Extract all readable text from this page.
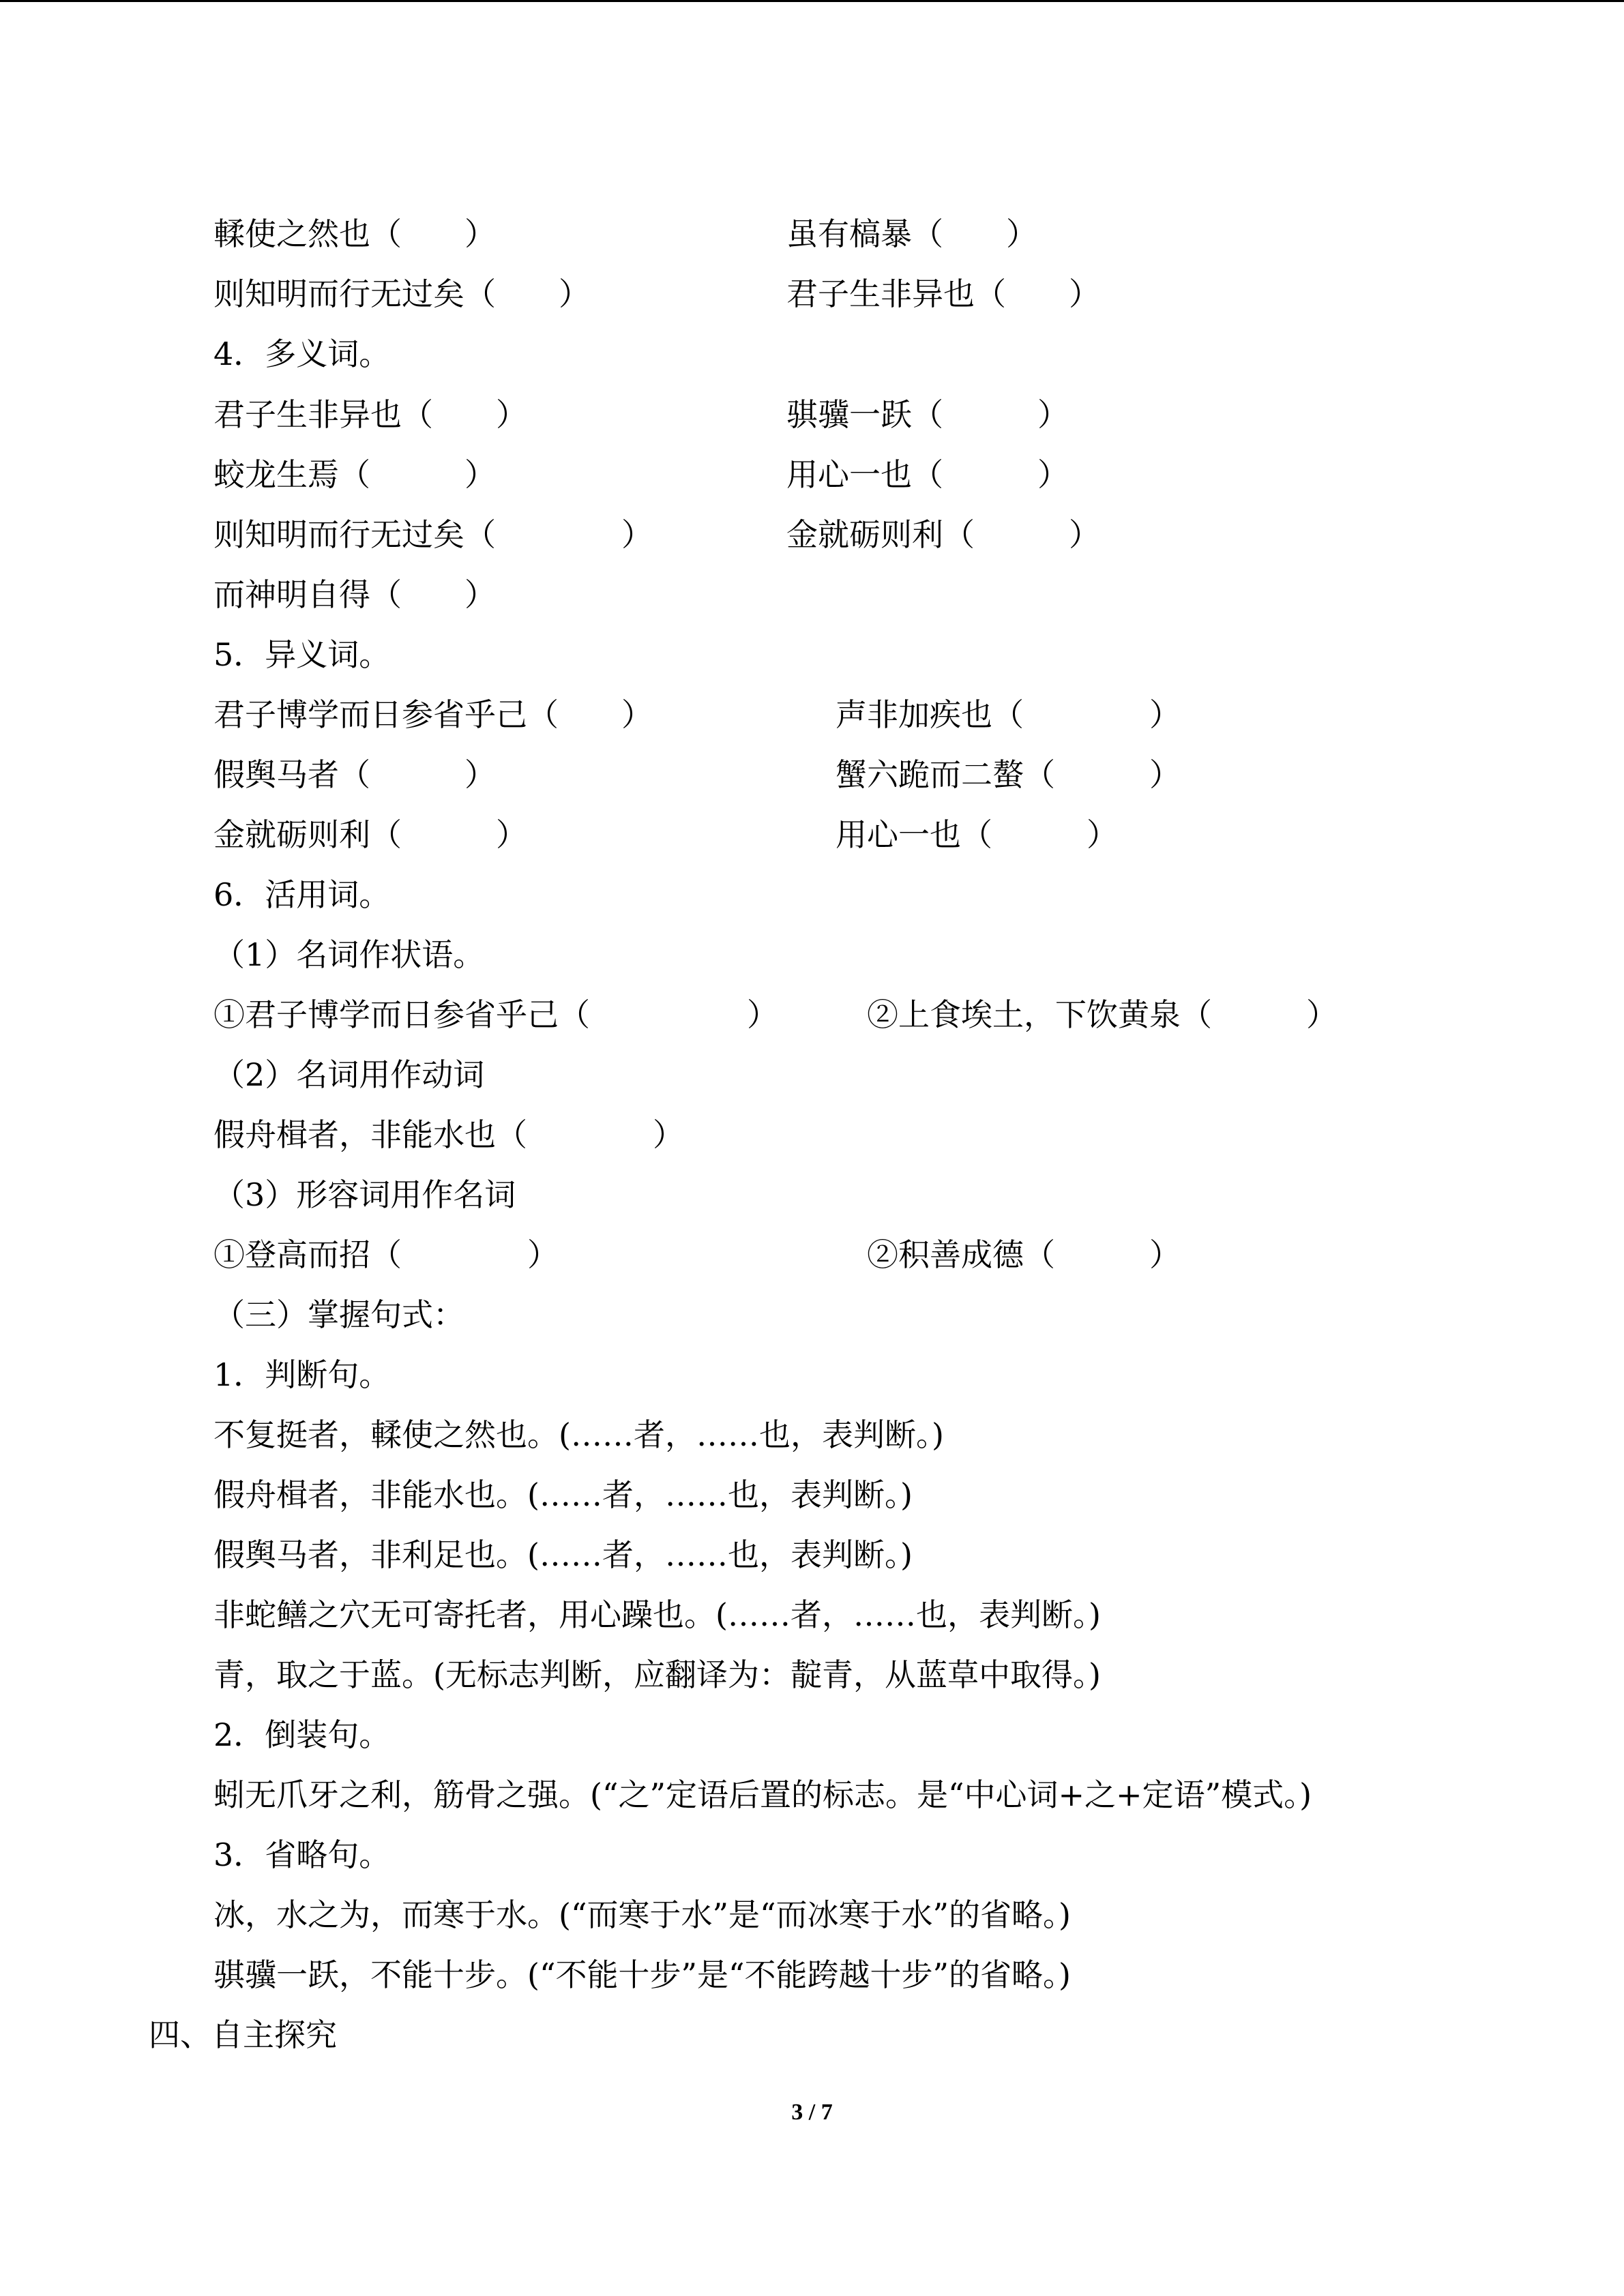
輮使之然也（　　）	虽有槁暴（　　）
则知明而行无过矣（　　）	君子生非异也（　　）
4．多义词。
君子生非异也（　　）	骐骥一跃（　　　）
蛟龙生焉（　　　）	用心一也（　　　）
则知明而行无过矣（　　　　）	金就砺则利（　　　）
而神明自得（　　）
5．异义词。
君子博学而日参省乎己（　　）	声非加疾也（　　　　）
假舆马者（　　　）	蟹六跪而二螯（　　　）
金就砺则利（　　　）	用心一也（　　　）
6．活用词。
（1）名词作状语。
①君子博学而日参省乎己（　　　　　）	②上食埃土，下饮黄泉（　　　）
（2）名词用作动词
假舟楫者，非能水也（　　　　）
（3）形容词用作名词
①登高而招（　　　　）	②积善成德（　　　）
（三）掌握句式：
1．判断句。
不复挺者，輮使之然也。(……者，……也，表判断。)
假舟楫者，非能水也。(……者，……也，表判断。)
假舆马者，非利足也。(……者，……也，表判断。)
非蛇鳝之穴无可寄托者，用心躁也。(……者，……也，表判断。)
青，取之于蓝。(无标志判断，应翻译为：靛青，从蓝草中取得。)
2．倒装句。
蚓无爪牙之利，筋骨之强。(“之”定语后置的标志。是“中心词+之+定语”模式。)
3．省略句。
冰，水之为，而寒于水。(“而寒于水”是“而冰寒于水”的省略。)
骐骥一跃，不能十步。(“不能十步”是“不能跨越十步”的省略。)
四、自主探究
3 / 7
